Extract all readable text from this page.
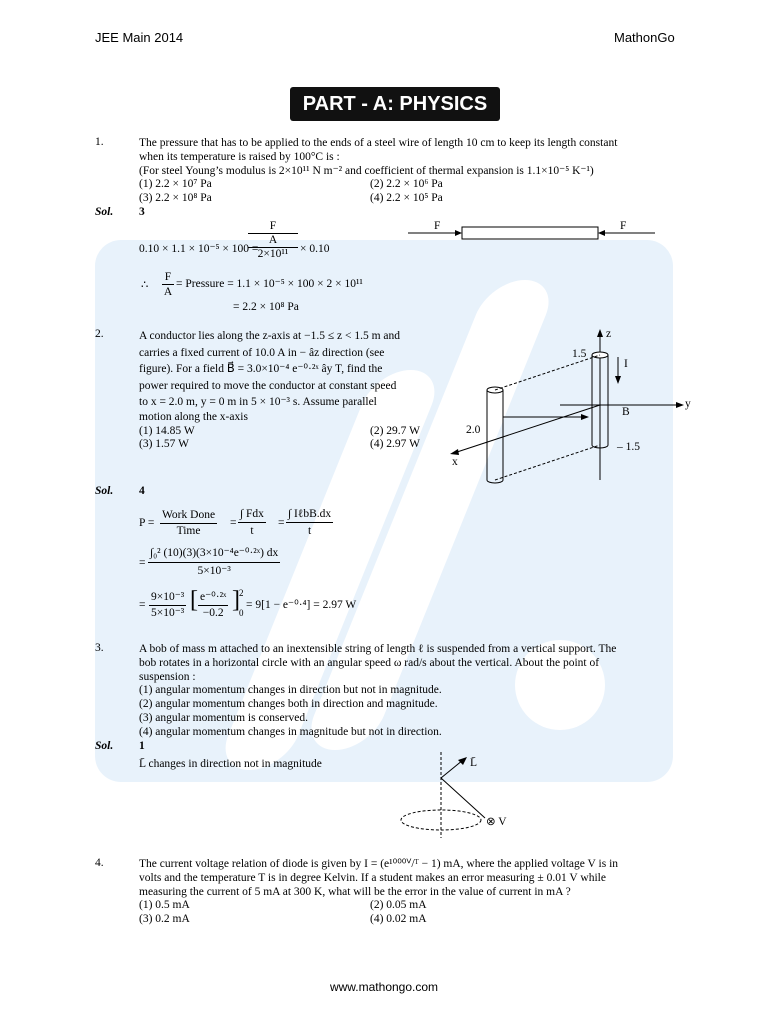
JEE Main 2014	MathonGo
PART - A: PHYSICS
1.	The pressure that has to be applied to the ends of a steel wire of length 10 cm to keep its length constant
when its temperature is raised by 100°C is :
(For steel Young’s modulus is 2×10¹¹ N m⁻² and coefficient of thermal expansion is 1.1×10⁻⁵ K⁻¹)
(1) 2.2 × 10⁷ Pa	(2) 2.2 × 10⁶ Pa
(3) 2.2 × 10⁸ Pa	(4) 2.2 × 10⁵ Pa
Sol. 3
0.10 × 1.1 × 10⁻⁵ × 100 =
F
A
2×10¹¹	× 0.10
F	F
∴
F
A
= Pressure = 1.1 × 10⁻⁵ × 100 × 2 × 10¹¹
= 2.2 × 10⁸ Pa
2.	A conductor lies along the z-axis at −1.5 ≤ z < 1.5 m and
carries a fixed current of 10.0 A in − âz direction (see
figure). For a field B⃗ = 3.0×10⁻⁴ e⁻⁰·²ˣ ây T, find the
power required to move the conductor at constant speed
to x = 2.0 m, y = 0 m in 5 × 10⁻³ s. Assume parallel
motion along the x-axis
(1) 14.85 W	(2) 29.7 W
(3) 1.57 W	(4) 2.97 W
z
y
x
I
B
1.5
– 1.5
2.0
Sol. 4
P =
Work Done
Time
=
∫ Fdx
t
=
∫ IℓbB.dx
t
=
∫₀² (10)(3)(3×10⁻⁴e⁻⁰·²ˣ) dx
5×10⁻³
=
9×10⁻³
5×10⁻³ [ e⁻⁰·²ˣ
−0.2 ] 2
0
= 9[1 − e⁻⁰·⁴] = 2.97 W
3.	A bob of mass m attached to an inextensible string of length ℓ is suspended from a vertical support. The
bob rotates in a horizontal circle with an angular speed ω rad/s about the vertical. About the point of
suspension :
(1) angular momentum changes in direction but not in magnitude.
(2) angular momentum changes both in direction and magnitude.
(3) angular momentum is conserved.
(4) angular momentum changes in magnitude but not in direction.
Sol. 1
L̄ changes in direction not in magnitude	L̄
⊗ V
4.	The current voltage relation of diode is given by I = (e¹⁰⁰⁰ⱽ/ᵀ − 1) mA, where the applied voltage V is in
volts and the temperature T is in degree Kelvin. If a student makes an error measuring ± 0.01 V while
measuring the current of 5 mA at 300 K, what will be the error in the value of current in mA ?
(1) 0.5 mA	(2) 0.05 mA
(3) 0.2 mA	(4) 0.02 mA
www.mathongo.com
